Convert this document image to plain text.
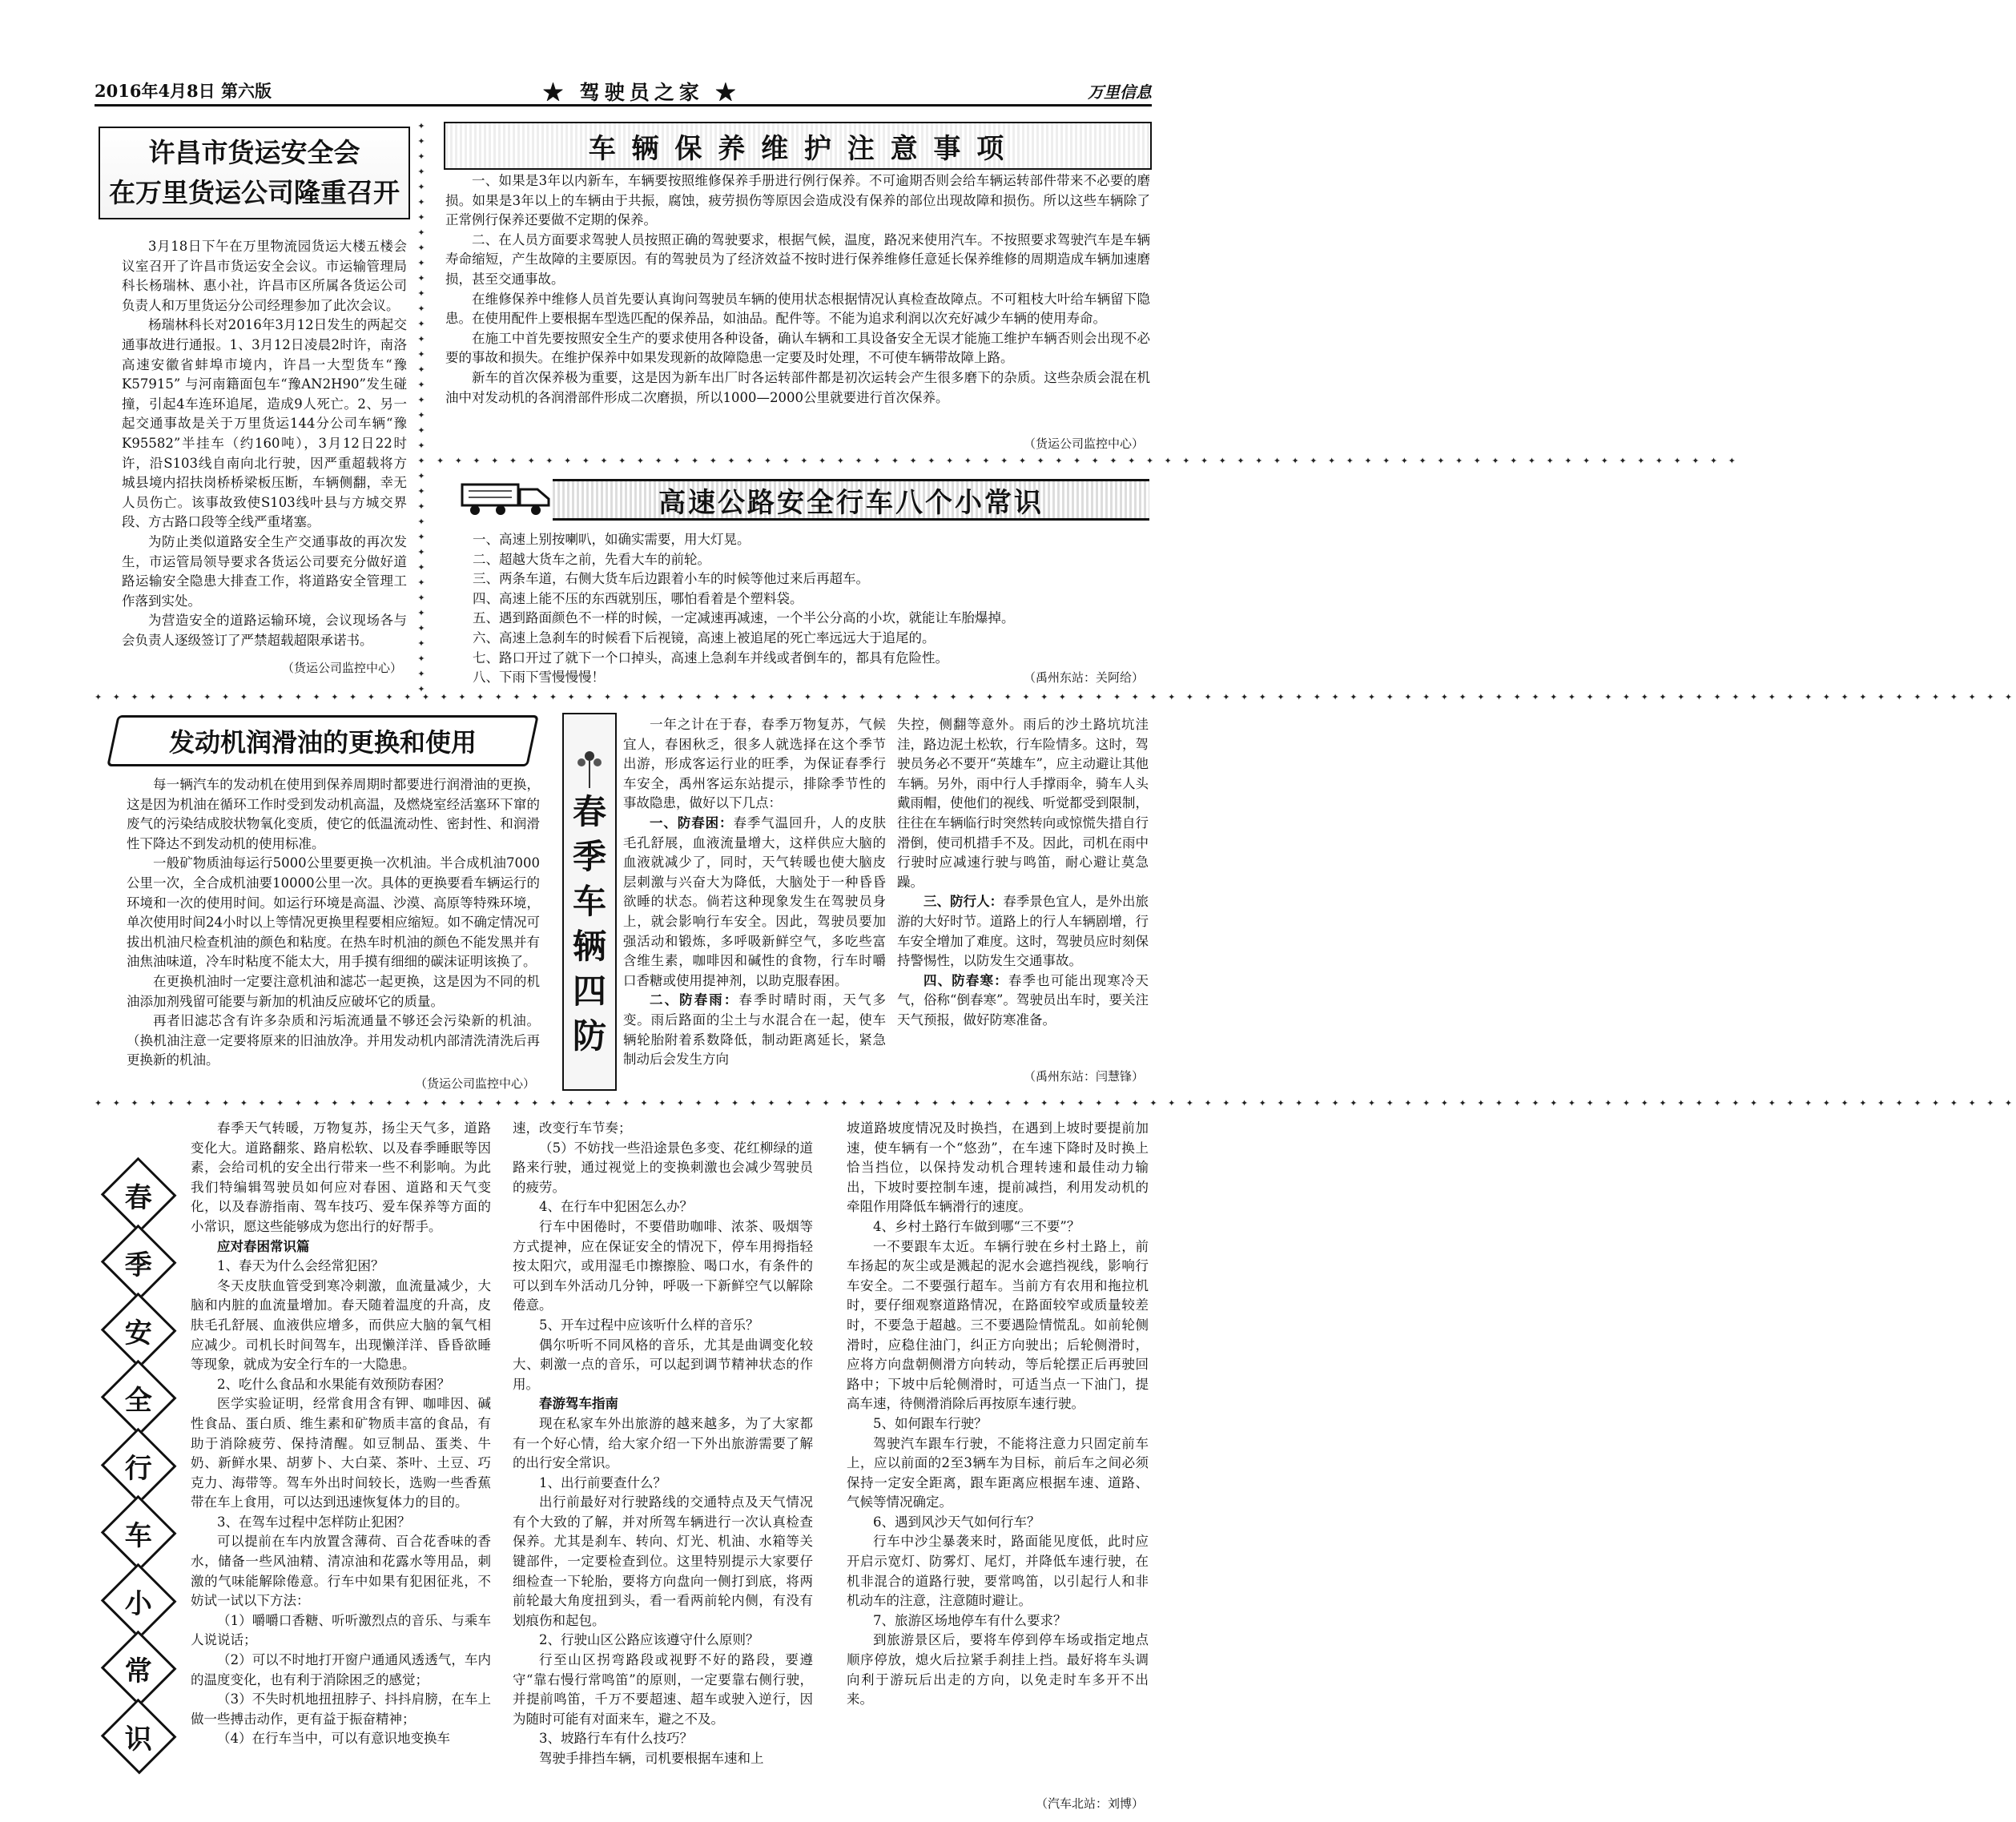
2016年4月8日 第六版	★ 驾驶员之家 ★	万里信息
许昌市货运安全会
在万里货运公司隆重召开

3月18日下午在万里物流园货运大楼五楼会议室召开了许昌市货运安全会议。市运输管理局科长杨瑞林、惠小社，许昌市区所属各货运公司负责人和万里货运分公司经理参加了此次会议。

杨瑞林科长对2016年3月12日发生的两起交通事故进行通报。1、3月12日凌晨2时许，南洛高速安徽省蚌埠市境内，许昌一大型货车“豫K57915” 与河南籍面包车“豫AN2H90”发生碰撞，引起4车连环追尾，造成9人死亡。2、另一起交通事故是关于万里货运144分公司车辆“豫K95582”半挂车（约160吨），3月12日22时许，沿S103线自南向北行驶，因严重超载将方城县境内招扶岗桥桥梁板压断，车辆侧翻，幸无人员伤亡。该事故致使S103线叶县与方城交界段、方古路口段等全线严重堵塞。

为防止类似道路安全生产交通事故的再次发生，市运管局领导要求各货运公司要充分做好道路运输安全隐患大排查工作，将道路安全管理工作落到实处。

为营造安全的道路运输环境，会议现场各与会负责人逐级签订了严禁超载超限承诺书。

（货运公司监控中心）
✦✦✦✦✦✦✦✦✦✦✦✦✦✦✦✦✦✦✦✦✦✦✦✦✦✦✦✦✦✦✦✦✦✦✦✦✦✦
车 辆 保 养 维 护 注 意 事 项

一、如果是3年以内新车，车辆要按照维修保养手册进行例行保养。不可逾期否则会给车辆运转部件带来不必要的磨损。如果是3年以上的车辆由于共振，腐蚀，疲劳损伤等原因会造成没有保养的部位出现故障和损伤。所以这些车辆除了正常例行保养还要做不定期的保养。

二、在人员方面要求驾驶人员按照正确的驾驶要求，根据气候，温度，路况来使用汽车。不按照要求驾驶汽车是车辆寿命缩短，产生故障的主要原因。有的驾驶员为了经济效益不按时进行保养维修任意延长保养维修的周期造成车辆加速磨损，甚至交通事故。

在维修保养中维修人员首先要认真询问驾驶员车辆的使用状态根据情况认真检查故障点。不可粗枝大叶给车辆留下隐患。在使用配件上要根据车型选匹配的保养品，如油品。配件等。不能为追求利润以次充好减少车辆的使用寿命。

在施工中首先要按照安全生产的要求使用各种设备，确认车辆和工具设备安全无误才能施工维护车辆否则会出现不必要的事故和损失。在维护保养中如果发现新的故障隐患一定要及时处理，不可使车辆带故障上路。

新车的首次保养极为重要，这是因为新车出厂时各运转部件都是初次运转会产生很多磨下的杂质。这些杂质会混在机油中对发动机的各润滑部件形成二次磨损，所以1000—2000公里就要进行首次保养。

（货运公司监控中心）
✦ ✦ ✦ ✦ ✦ ✦ ✦ ✦ ✦ ✦ ✦ ✦ ✦ ✦ ✦ ✦ ✦ ✦ ✦ ✦ ✦ ✦ ✦ ✦ ✦ ✦ ✦ ✦ ✦ ✦ ✦ ✦ ✦ ✦ ✦ ✦ ✦ ✦ ✦ ✦ ✦ ✦ ✦ ✦ ✦ ✦ ✦ ✦ ✦ ✦ ✦ ✦ ✦ ✦ ✦ ✦ ✦ ✦ ✦ ✦ ✦ ✦ ✦ ✦ ✦ ✦ ✦ ✦ ✦ ✦ ✦ ✦
高速公路安全行车八个小常识

一、高速上别按喇叭，如确实需要，用大灯晃。

二、超越大货车之前，先看大车的前轮。

三、两条车道，右侧大货车后边跟着小车的时候等他过来后再超车。

四、高速上能不压的东西就别压，哪怕看着是个塑料袋。

五、遇到路面颜色不一样的时候，一定减速再减速，一个半公分高的小坎，就能让车胎爆掉。

六、高速上急刹车的时候看下后视镜，高速上被追尾的死亡率远远大于追尾的。

七、路口开过了就下一个口掉头，高速上急刹车并线或者倒车的，都具有危险性。

八、下雨下雪慢慢慢！	（禹州东站：关阿给）
✦ ✦ ✦ ✦ ✦ ✦ ✦ ✦ ✦ ✦ ✦ ✦ ✦ ✦ ✦ ✦ ✦ ✦ ✦ ✦ ✦ ✦ ✦ ✦ ✦ ✦ ✦ ✦ ✦ ✦ ✦ ✦ ✦ ✦ ✦ ✦ ✦ ✦ ✦ ✦ ✦ ✦ ✦ ✦ ✦ ✦ ✦ ✦ ✦ ✦ ✦ ✦ ✦ ✦ ✦ ✦ ✦ ✦ ✦ ✦ ✦ ✦ ✦ ✦ ✦ ✦ ✦ ✦ ✦ ✦ ✦ ✦ ✦ ✦ ✦ ✦ ✦ ✦ ✦ ✦ ✦ ✦ ✦ ✦ ✦ ✦ ✦ ✦ ✦ ✦ ✦ ✦ ✦ ✦ ✦ ✦ ✦ ✦ ✦ ✦ ✦ ✦ ✦ ✦ ✦ ✦
发动机润滑油的更换和使用

每一辆汽车的发动机在使用到保养周期时都要进行润滑油的更换，这是因为机油在循环工作时受到发动机高温，及燃烧室经活塞环下窜的废气的污染结成胶状物氧化变质，使它的低温流动性、密封性、和润滑性下降达不到发动机的使用标准。

一般矿物质油每运行5000公里要更换一次机油。半合成机油7000公里一次，全合成机油要10000公里一次。具体的更换要看车辆运行的环境和一次的使用时间。如运行环境是高温、沙漠、高原等特殊环境，单次使用时间24小时以上等情况更换里程要相应缩短。如不确定情况可拔出机油尺检查机油的颜色和粘度。在热车时机油的颜色不能发黑并有油焦油味道，冷车时粘度不能太大，用手摸有细细的碳沫证明该换了。

在更换机油时一定要注意机油和滤芯一起更换，这是因为不同的机油添加剂残留可能要与新加的机油反应破坏它的质量。

再者旧滤芯含有许多杂质和污垢流通量不够还会污染新的机油。（换机油注意一定要将原来的旧油放净。并用发动机内部清洗清洗后再更换新的机油。

（货运公司监控中心）
春
季
车
辆
四
防

一年之计在于春，春季万物复苏，气候宜人，春困秋乏，很多人就选择在这个季节出游，形成客运行业的旺季，为保证春季行车安全，禹州客运东站提示，排除季节性的事故隐患，做好以下几点：

一、防春困：春季气温回升，人的皮肤毛孔舒展，血液流量增大，这样供应大脑的血液就减少了，同时，天气转暖也使大脑皮层刺激与兴奋大为降低，大脑处于一种昏昏欲睡的状态。倘若这种现象发生在驾驶员身上，就会影响行车安全。因此，驾驶员要加强活动和锻炼，多呼吸新鲜空气，多吃些富含维生素，咖啡因和碱性的食物，行车时嚼口香糖或使用提神剂，以助克服春困。

二、防春雨：春季时晴时雨，天气多变。雨后路面的尘土与水混合在一起，使车辆轮胎附着系数降低，制动距离延长，紧急制动后会发生方向

失控，侧翻等意外。雨后的沙土路坑坑洼洼，路边泥土松软，行车险情多。这时，驾驶员务必不要开“英雄车”，应主动避让其他车辆。另外，雨中行人手撑雨伞，骑车人头戴雨帽，使他们的视线、听觉都受到限制，往往在车辆临行时突然转向或惊慌失措自行滑倒，使司机措手不及。因此，司机在雨中行驶时应减速行驶与鸣笛，耐心避让莫急躁。

三、防行人：春季景色宜人，是外出旅游的大好时节。道路上的行人车辆剧增，行车安全增加了难度。这时，驾驶员应时刻保持警惕性，以防发生交通事故。

四、防春寒：春季也可能出现寒冷天气，俗称“倒春寒”。驾驶员出车时，要关注天气预报，做好防寒准备。

（禹州东站：闫慧锋）
✦ ✦ ✦ ✦ ✦ ✦ ✦ ✦ ✦ ✦ ✦ ✦ ✦ ✦ ✦ ✦ ✦ ✦ ✦ ✦ ✦ ✦ ✦ ✦ ✦ ✦ ✦ ✦ ✦ ✦ ✦ ✦ ✦ ✦ ✦ ✦ ✦ ✦ ✦ ✦ ✦ ✦ ✦ ✦ ✦ ✦ ✦ ✦ ✦ ✦ ✦ ✦ ✦ ✦ ✦ ✦ ✦ ✦ ✦ ✦ ✦ ✦ ✦ ✦ ✦ ✦ ✦ ✦ ✦ ✦ ✦ ✦ ✦ ✦ ✦ ✦ ✦ ✦ ✦ ✦ ✦ ✦ ✦ ✦ ✦ ✦ ✦ ✦ ✦ ✦ ✦ ✦ ✦ ✦ ✦ ✦ ✦ ✦ ✦ ✦ ✦ ✦ ✦ ✦ ✦ ✦
春
季
安
全
行
车
小
常
识

春季天气转暖，万物复苏，扬尘天气多，道路变化大。道路翻浆、路肩松软、以及春季睡眠等因素，会给司机的安全出行带来一些不利影响。为此我们特编辑驾驶员如何应对春困、道路和天气变化，以及春游指南、驾车技巧、爱车保养等方面的小常识，愿这些能够成为您出行的好帮手。

应对春困常识篇

1、春天为什么会经常犯困？

冬天皮肤血管受到寒冷刺激，血流量减少，大脑和内脏的血流量增加。春天随着温度的升高，皮肤毛孔舒展、血液供应增多，而供应大脑的氧气相应减少。司机长时间驾车，出现懒洋洋、昏昏欲睡等现象，就成为安全行车的一大隐患。

2、吃什么食品和水果能有效预防春困？

医学实验证明，经常食用含有钾、咖啡因、碱性食品、蛋白质、维生素和矿物质丰富的食品，有助于消除疲劳、保持清醒。如豆制品、蛋类、牛奶、新鲜水果、胡萝卜、大白菜、茶叶、土豆、巧克力、海带等。驾车外出时间较长，选购一些香蕉带在车上食用，可以达到迅速恢复体力的目的。

3、在驾车过程中怎样防止犯困？

可以提前在车内放置含薄荷、百合花香味的香水，储备一些风油精、清凉油和花露水等用品，刺激的气味能解除倦意。行车中如果有犯困征兆，不妨试一试以下方法：

（1）嚼嚼口香糖、听听激烈点的音乐、与乘车人说说话；

（2）可以不时地打开窗户通通风透透气，车内的温度变化，也有利于消除困乏的感觉；

（3）不失时机地扭扭脖子、抖抖肩膀，在车上做一些搏击动作，更有益于振奋精神；

（4）在行车当中，可以有意识地变换车

速，改变行车节奏；

（5）不妨找一些沿途景色多变、花红柳绿的道路来行驶，通过视觉上的变换刺激也会减少驾驶员的疲劳。

4、在行车中犯困怎么办？

行车中困倦时，不要借助咖啡、浓茶、吸烟等方式提神，应在保证安全的情况下，停车用拇指轻按太阳穴，或用湿毛巾擦擦脸、喝口水，有条件的可以到车外活动几分钟，呼吸一下新鲜空气以解除倦意。

5、开车过程中应该听什么样的音乐？

偶尔听听不同风格的音乐，尤其是曲调变化较大、刺激一点的音乐，可以起到调节精神状态的作用。

春游驾车指南

现在私家车外出旅游的越来越多，为了大家都有一个好心情，给大家介绍一下外出旅游需要了解的出行安全常识。

1、出行前要查什么？

出行前最好对行驶路线的交通特点及天气情况有个大致的了解，并对所驾车辆进行一次认真检查保养。尤其是刹车、转向、灯光、机油、水箱等关键部件，一定要检查到位。这里特别提示大家要仔细检查一下轮胎，要将方向盘向一侧打到底，将两前轮最大角度扭到头，看一看两前轮内侧，有没有划痕伤和起包。

2、行驶山区公路应该遵守什么原则？

行至山区拐弯路段或视野不好的路段，要遵守“靠右慢行常鸣笛”的原则，一定要靠右侧行驶，并提前鸣笛，千万不要超速、超车或驶入逆行，因为随时可能有对面来车，避之不及。

3、坡路行车有什么技巧？

驾驶手排挡车辆，司机要根据车速和上

坡道路坡度情况及时换挡，在遇到上坡时要提前加速，使车辆有一个“悠劲”，在车速下降时及时换上恰当挡位，以保持发动机合理转速和最佳动力输出，下坡时要控制车速，提前减挡，利用发动机的牵阻作用降低车辆滑行的速度。

4、乡村土路行车做到哪“三不要”？

一不要跟车太近。车辆行驶在乡村土路上，前车扬起的灰尘或是溅起的泥水会遮挡视线，影响行车安全。二不要强行超车。当前方有农用和拖拉机时，要仔细观察道路情况，在路面较窄或质量较差时，不要急于超越。三不要遇险情慌乱。如前轮侧滑时，应稳住油门，纠正方向驶出；后轮侧滑时，应将方向盘朝侧滑方向转动，等后轮摆正后再驶回路中；下坡中后轮侧滑时，可适当点一下油门，提高车速，待侧滑消除后再按原车速行驶。

5、如何跟车行驶？

驾驶汽车跟车行驶，不能将注意力只固定前车上，应以前面的2至3辆车为目标，前后车之间必须保持一定安全距离，跟车距离应根据车速、道路、气候等情况确定。

6、遇到风沙天气如何行车？

行车中沙尘暴袭来时，路面能见度低，此时应开启示宽灯、防雾灯、尾灯，并降低车速行驶，在机非混合的道路行驶，要常鸣笛，以引起行人和非机动车的注意，注意随时避让。

7、旅游区场地停车有什么要求？

到旅游景区后，要将车停到停车场或指定地点顺序停放，熄火后拉紧手刹挂上挡。最好将车头调向利于游玩后出走的方向，以免走时车多开不出来。

（汽车北站：刘博）
